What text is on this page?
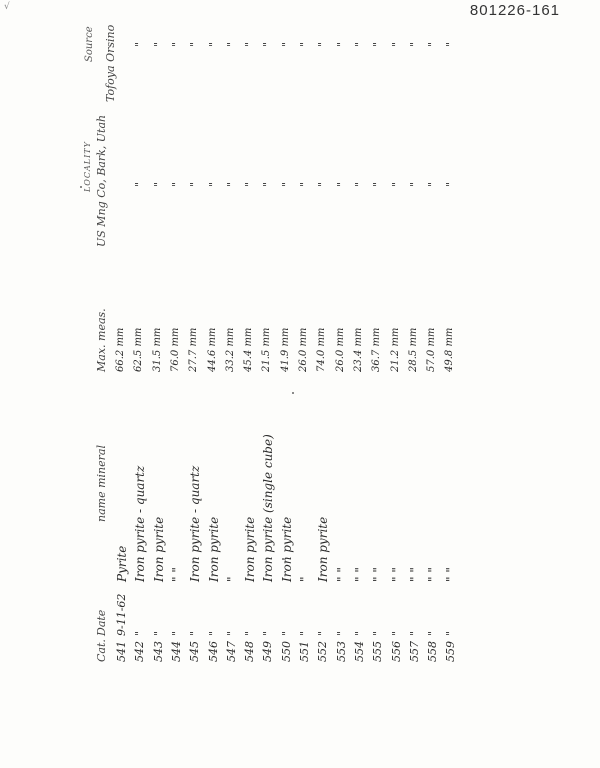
801226-161
√
Cat.
Date
name mineral
Max. meas.
LOCALITY US Mng Co, Bark, Utah
Source Tofoya Orsino
541
9-11-62
Pyrite
66.2 mm
542
"
Iron pyrite - quartz
62.5 mm
"
"
543
"
Iron pyrite
31.5 mm
"
"
544
"
" "
76.0 mm
"
"
545
"
Iron pyrite - quartz
27.7 mm
"
"
546
"
Iron pyrite
44.6 mm
"
"
547
"
"
33.2 mm
"
"
548
"
Iron pyrite
45.4 mm
"
"
549
"
Iron pyrite (single cube)
21.5 mm
"
"
550
"
Iron pyrite
41.9 mm
"
"
551
"
"
26.0 mm
"
"
552
"
Iron pyrite
74.0 mm
"
"
553
"
" "
26.0 mm
"
"
554
"
" "
23.4 mm
"
"
555
"
" "
36.7 mm
"
"
556
"
" "
21.2 mm
"
"
557
"
" "
28.5 mm
"
"
558
"
" "
57.0 mm
"
"
559
"
" "
49.8 mm
"
"
